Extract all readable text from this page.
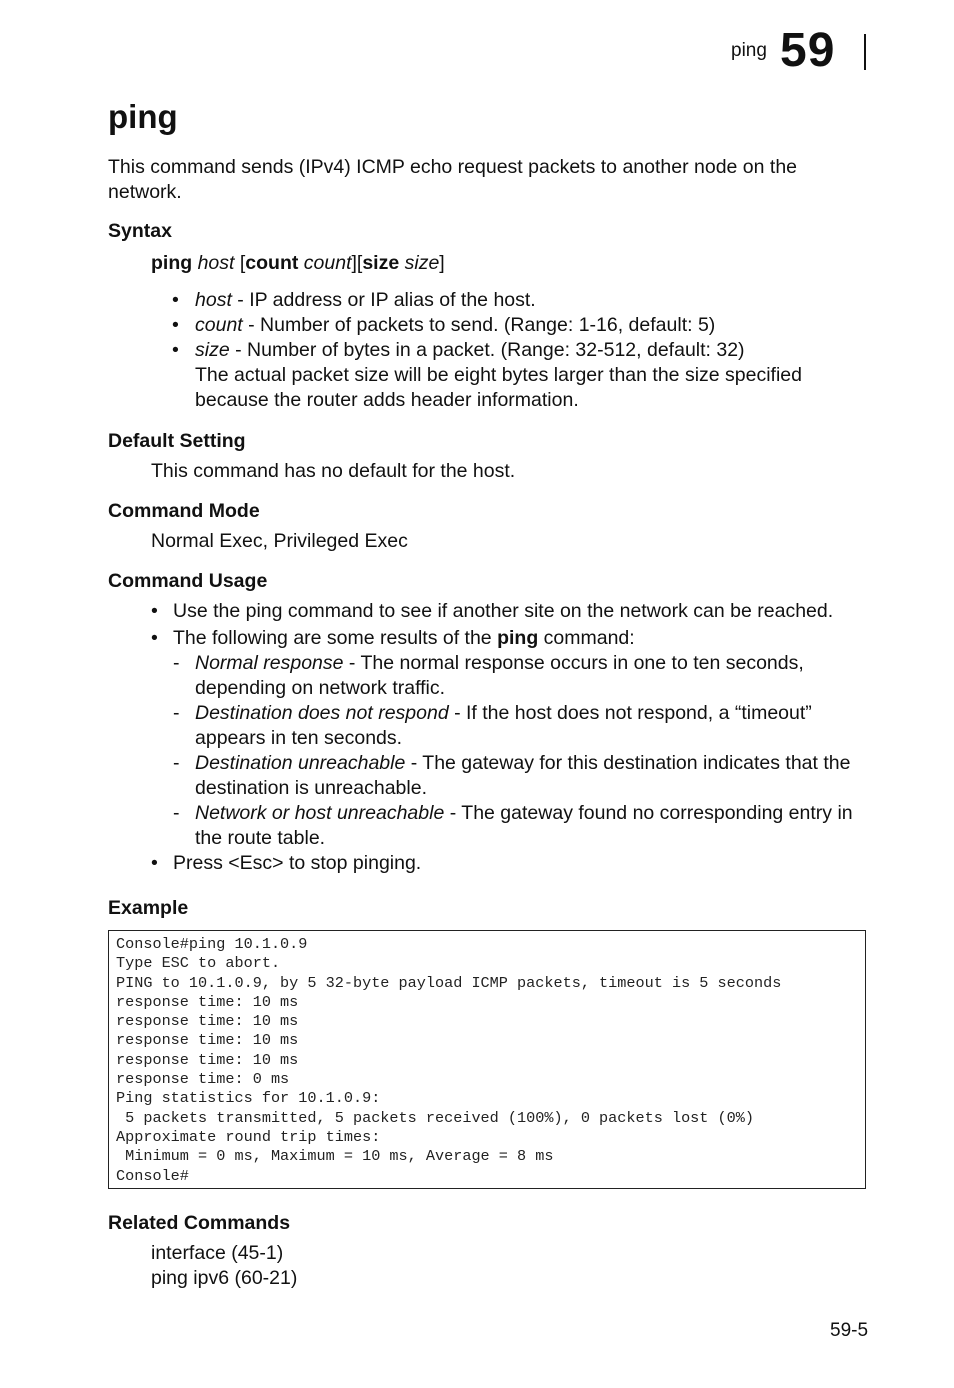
ping 59
ping
This command sends (IPv4) ICMP echo request packets to another node on the network.
Syntax
ping host [count count][size size]
• host - IP address or IP alias of the host.
• count - Number of packets to send. (Range: 1-16, default: 5)
• size - Number of bytes in a packet. (Range: 32-512, default: 32)
The actual packet size will be eight bytes larger than the size specified because the router adds header information.
Default Setting
This command has no default for the host.
Command Mode
Normal Exec, Privileged Exec
Command Usage
• Use the ping command to see if another site on the network can be reached.
• The following are some results of the ping command:
- Normal response - The normal response occurs in one to ten seconds, depending on network traffic.
- Destination does not respond - If the host does not respond, a “timeout” appears in ten seconds.
- Destination unreachable - The gateway for this destination indicates that the destination is unreachable.
- Network or host unreachable - The gateway found no corresponding entry in the route table.
• Press <Esc> to stop pinging.
Example
Console#ping 10.1.0.9
Type ESC to abort.
PING to 10.1.0.9, by 5 32-byte payload ICMP packets, timeout is 5 seconds
response time: 10 ms
response time: 10 ms
response time: 10 ms
response time: 10 ms
response time: 0 ms
Ping statistics for 10.1.0.9:
5 packets transmitted, 5 packets received (100%), 0 packets lost (0%)
Approximate round trip times:
Minimum = 0 ms, Maximum = 10 ms, Average = 8 ms
Console#
Related Commands
interface (45-1)
ping ipv6 (60-21)
59-5
